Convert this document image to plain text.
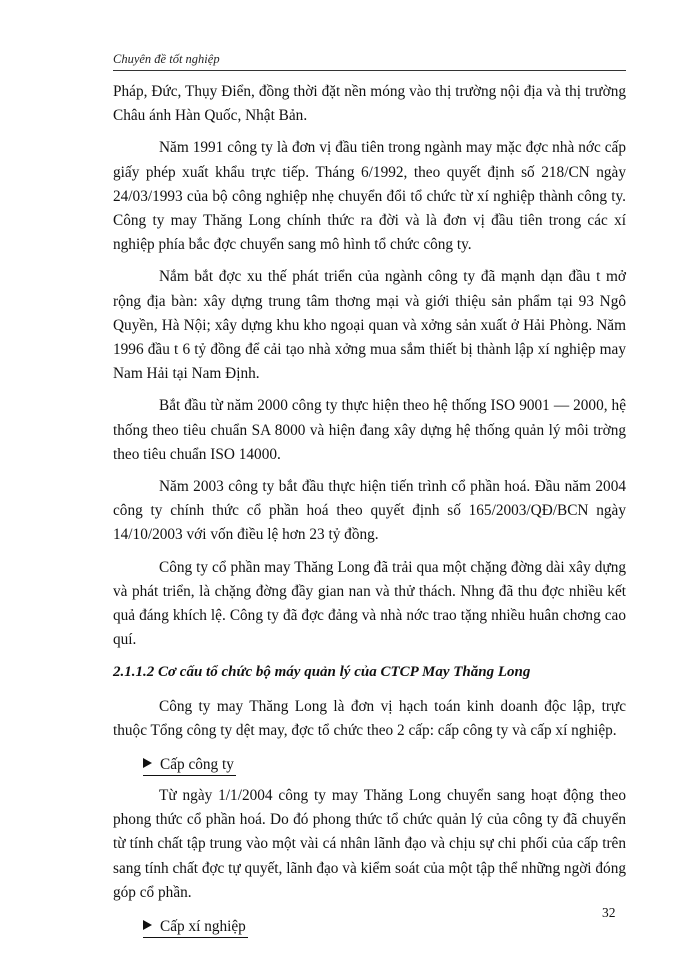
Chuyên đề tốt nghiệp

Pháp, Đức, Thụy Điển, đồng thời đặt nền móng vào thị trường nội địa và thị trường Châu ánh Hàn Quốc, Nhật Bản.

Năm 1991 công ty là đơn vị đầu tiên trong ngành may mặc đợc nhà nớc cấp giấy phép xuất khẩu trực tiếp. Tháng 6/1992, theo quyết định số 218/CN ngày 24/03/1993 của bộ công nghiệp nhẹ chuyển đổi tổ chức từ xí nghiệp thành công ty. Công ty may Thăng Long chính thức ra đời và là đơn vị đầu tiên trong các xí nghiệp phía bắc đợc chuyển sang mô hình tổ chức công ty.

Nắm bắt đợc xu thế phát triển của ngành công ty đã mạnh dạn đầu t mở rộng địa bàn: xây dựng trung tâm thơng mại và giới thiệu sản phẩm tại 93 Ngô Quyền, Hà Nội; xây dựng khu kho ngoại quan và xởng sản xuất ở Hải Phòng. Năm 1996 đầu t 6 tỷ đồng để cải tạo nhà xởng mua sắm thiết bị thành lập xí nghiệp may Nam Hải tại Nam Định.

Bắt đầu từ năm 2000 công ty thực hiện theo hệ thống ISO 9001 — 2000, hệ thống theo tiêu chuẩn SA 8000 và hiện đang xây dựng hệ thống quản lý môi trờng theo tiêu chuẩn ISO 14000.

Năm 2003 công ty bắt đầu thực hiện tiến trình cổ phần hoá. Đầu năm 2004 công ty chính thức cổ phần hoá theo quyết định số 165/2003/QĐ/BCN ngày 14/10/2003 với vốn điều lệ hơn 23 tỷ đồng.

Công ty cổ phần may Thăng Long đã trải qua một chặng đờng dài xây dựng và phát triển, là chặng đờng đầy gian nan và thử thách. Nhng đã thu đợc nhiều kết quả đáng khích lệ. Công ty đã đợc đảng và nhà nớc trao tặng nhiều huân chơng cao quí.

2.1.1.2 Cơ cấu tổ chức bộ máy quản lý của CTCP May Thăng Long

Công ty may Thăng Long là đơn vị hạch toán kinh doanh độc lập, trực thuộc Tổng công ty dệt may, đợc tổ chức theo 2 cấp: cấp công ty và cấp xí nghiệp.

Cấp công ty

Từ ngày 1/1/2004 công ty may Thăng Long chuyển sang hoạt động theo phong thức cổ phần hoá. Do đó phong thức tổ chức quản lý của công ty đã chuyển từ tính chất tập trung vào một vài cá nhân lãnh đạo và chịu sự chi phối của cấp trên sang tính chất đợc tự quyết, lãnh đạo và kiểm soát của một tập thể những ngời đóng góp cổ phần.

Cấp xí nghiệp
32
